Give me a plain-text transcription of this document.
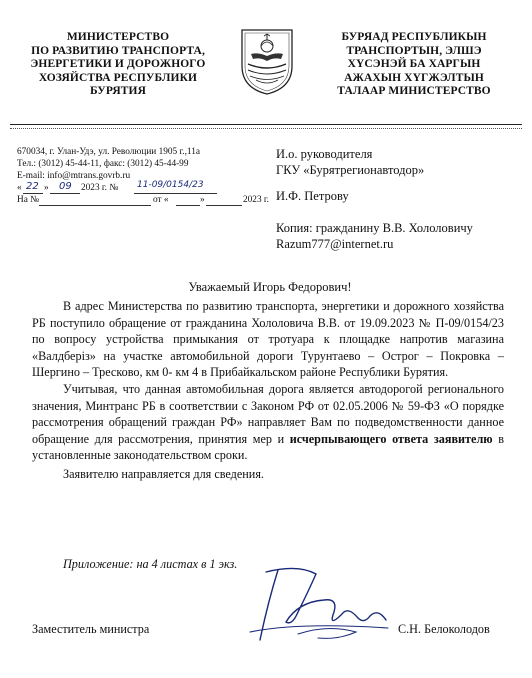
МИНИСТЕРСТВО
ПО РАЗВИТИЮ ТРАНСПОРТА,
ЭНЕРГЕТИКИ И ДОРОЖНОГО
ХОЗЯЙСТВА РЕСПУБЛИКИ
БУРЯТИЯ
БУРЯАД РЕСПУБЛИКЫН
ТРАНСПОРТЫН, ЭЛШЭ
ХҮСЭНЭЙ БА ХАРГЫН
АЖАХЫН ХҮГЖЭЛТЫН
ТАЛААР МИНИСТЕРСТВО
670034, г. Улан-Удэ, ул. Революции 1905 г.,11а
Тел.: (3012) 45-44-11, факс: (3012) 45-44-99
E-mail: info@mtrans.govrb.ru
« 22 » 09 2023 г. № 11-09/0154/23
На №	от «	»	2023 г.
И.о. руководителя
ГКУ «Бурятрегионавтодор»
И.Ф. Петрову
Копия: гражданину В.В. Хололовичу
Razum777@internet.ru
Уважаемый Игорь Федорович!

В адрес Министерства по развитию транспорта, энергетики и дорожного хозяйства РБ поступило обращение от гражданина Хололовича В.В. от 19.09.2023 № П-09/0154/23 по вопросу устройства примыкания от тротуара к площадке напротив магазина «Валдберiз» на участке автомобильной дороги Турунтаево – Острог – Покровка – Шергино – Тресково, км 0- км 4 в Прибайкальском районе Республики Бурятия.

Учитывая, что данная автомобильная дорога является автодорогой регионального значения, Минтранс РБ в соответствии с Законом РФ от 02.05.2006 № 59-ФЗ «О порядке рассмотрения обращений граждан РФ» направляет Вам по подведомственности данное обращение для рассмотрения, принятия мер и исчерпывающего ответа заявителю в установленные законодательством сроки.

Заявителю направляется для сведения.

Приложение: на 4 листах в 1 экз.
Заместитель министра	С.Н. Белоколодов
